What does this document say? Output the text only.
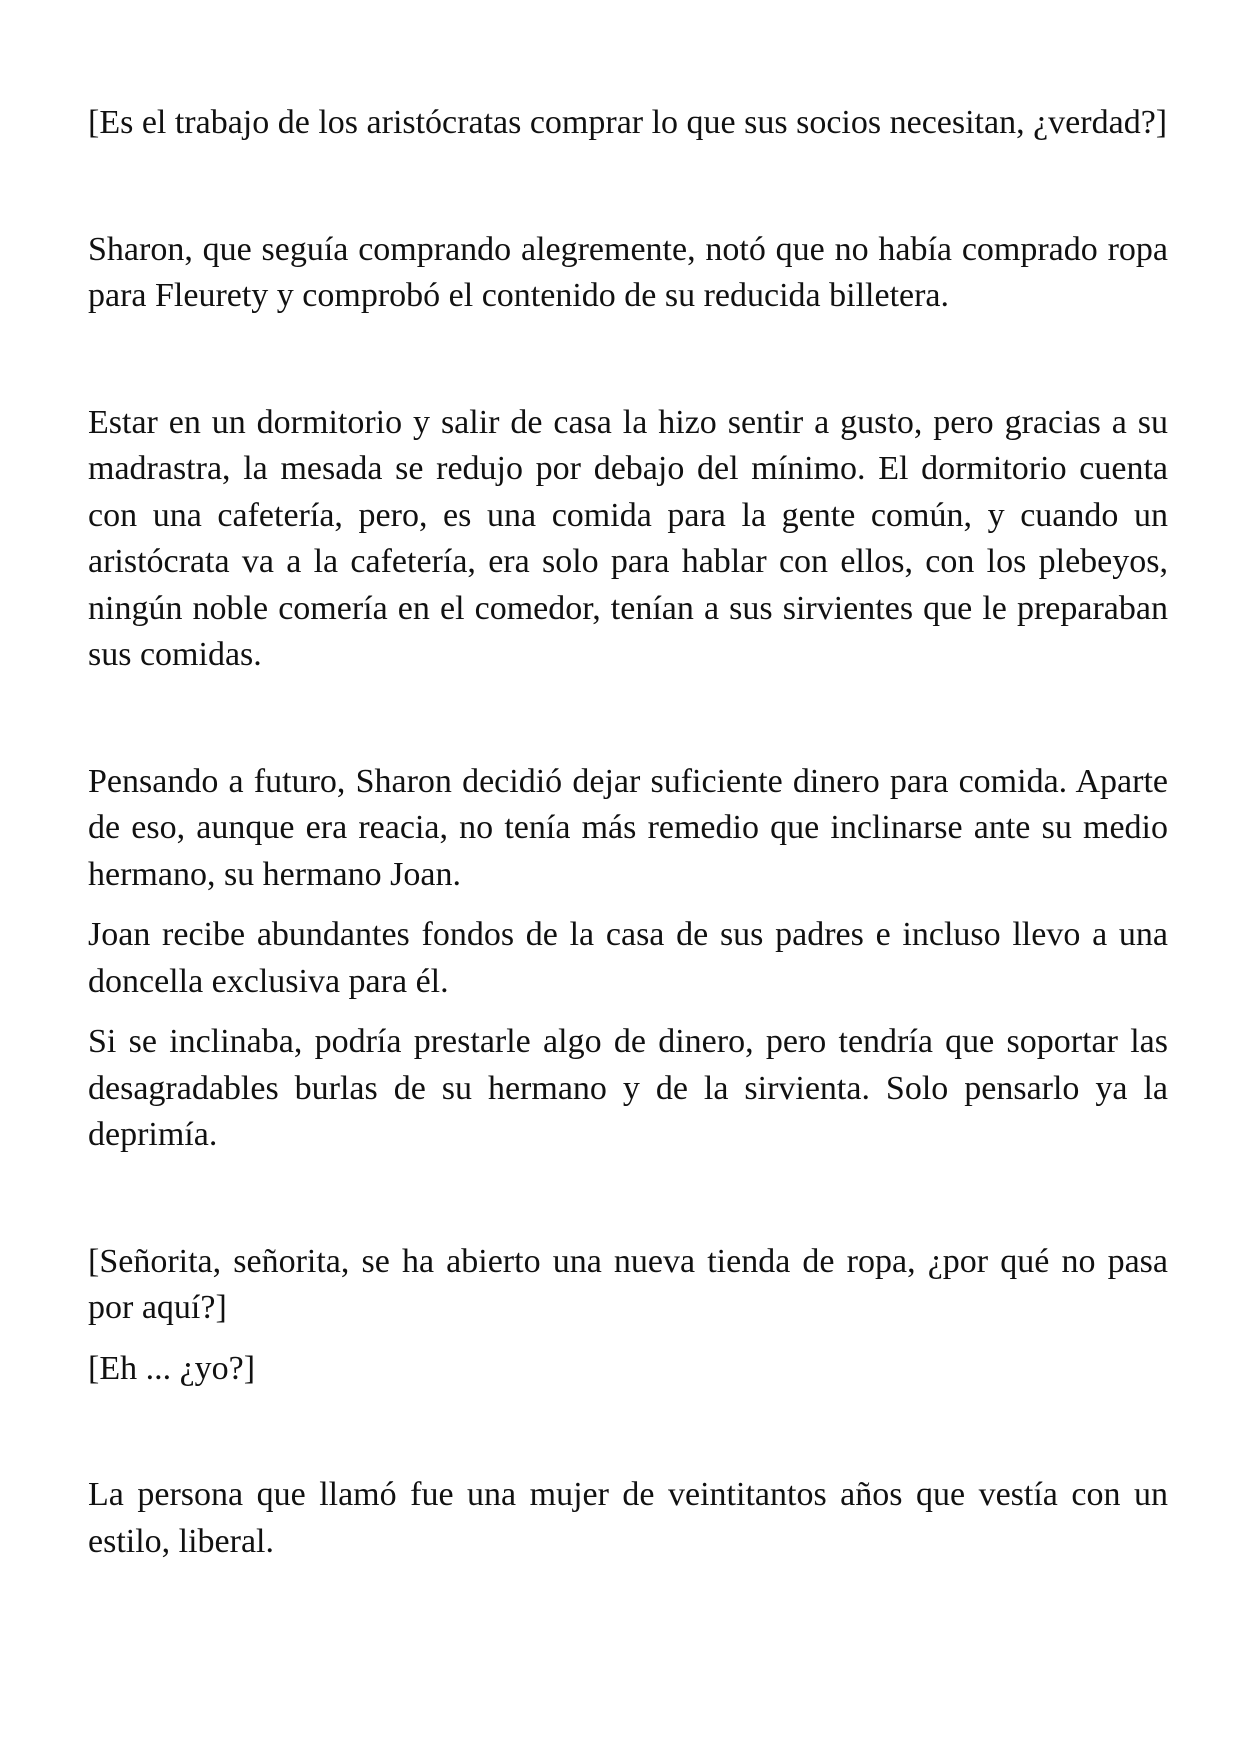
[Es el trabajo de los aristócratas comprar lo que sus socios necesitan, ¿verdad?]

Sharon, que seguía comprando alegremente, notó que no había comprado ropa para Fleurety y comprobó el contenido de su reducida billetera.

Estar en un dormitorio y salir de casa la hizo sentir a gusto, pero gracias a su madrastra, la mesada se redujo por debajo del mínimo. El dormitorio cuenta con una cafetería, pero, es una comida para la gente común, y cuando un aristócrata va a la cafetería, era solo para hablar con ellos, con los plebeyos, ningún noble comería en el comedor, tenían a sus sirvientes que le preparaban sus comidas.

Pensando a futuro, Sharon decidió dejar suficiente dinero para comida. Aparte de eso, aunque era reacia, no tenía más remedio que inclinarse ante su medio hermano, su hermano Joan.

Joan recibe abundantes fondos de la casa de sus padres e incluso llevo a una doncella exclusiva para él.

Si se inclinaba, podría prestarle algo de dinero, pero tendría que soportar las desagradables burlas de su hermano y de la sirvienta. Solo pensarlo ya la deprimía.

[Señorita, señorita, se ha abierto una nueva tienda de ropa, ¿por qué no pasa por aquí?]

[Eh ... ¿yo?]

La persona que llamó fue una mujer de veintitantos años que vestía con un estilo, liberal.
